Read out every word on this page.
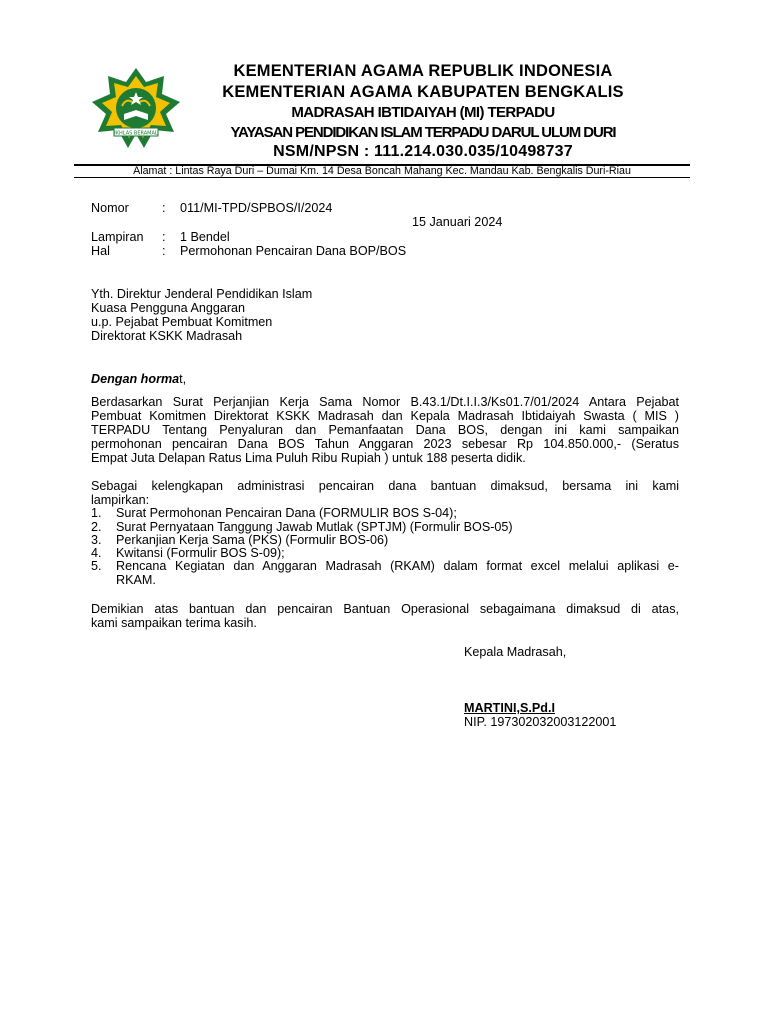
IKHLAS BERAMAL
KEMENTERIAN AGAMA REPUBLIK INDONESIA
KEMENTERIAN AGAMA KABUPATEN BENGKALIS
MADRASAH IBTIDAIYAH (MI) TERPADU
YAYASAN PENDIDIKAN ISLAM TERPADU DARUL ULUM DURI
NSM/NPSN : 111.214.030.035/10498737
Alamat : Lintas Raya Duri – Dumai Km. 14 Desa Boncah Mahang Kec. Mandau Kab. Bengkalis Duri-Riau
Nomor	: 011/MI-TPD/SPBOS/I/2024
15 Januari 2024
Lampiran : 1 Bendel
Hal	: Permohonan Pencairan Dana BOP/BOS
Yth. Direktur Jenderal Pendidikan Islam
Kuasa Pengguna Anggaran
u.p. Pejabat Pembuat Komitmen
Direktorat KSKK Madrasah
Dengan hormat,
Berdasarkan Surat Perjanjian Kerja Sama Nomor B.43.1/Dt.I.I.3/Ks01.7/01/2024 Antara Pejabat
Pembuat Komitmen Direktorat KSKK Madrasah dan Kepala Madrasah Ibtidaiyah Swasta ( MIS )
TERPADU Tentang Penyaluran dan Pemanfaatan Dana BOS, dengan ini kami sampaikan
permohonan pencairan Dana BOS Tahun Anggaran 2023 sebesar Rp 104.850.000,- (Seratus
Empat Juta Delapan Ratus Lima Puluh Ribu Rupiah ) untuk 188 peserta didik.
Sebagai kelengkapan administrasi pencairan dana bantuan dimaksud, bersama ini kami
lampirkan:
1. Surat Permohonan Pencairan Dana (FORMULIR BOS S-04);
2. Surat Pernyataan Tanggung Jawab Mutlak (SPTJM) (Formulir BOS-05)
3. Perkanjian Kerja Sama (PKS) (Formulir BOS-06)
4. Kwitansi (Formulir BOS S-09);
5. Rencana Kegiatan dan Anggaran Madrasah (RKAM) dalam format excel melalui aplikasi e-
RKAM.
Demikian atas bantuan dan pencairan Bantuan Operasional sebagaimana dimaksud di atas,
kami sampaikan terima kasih.
Kepala Madrasah,
MARTINI,S.Pd.I
NIP. 197302032003122001
